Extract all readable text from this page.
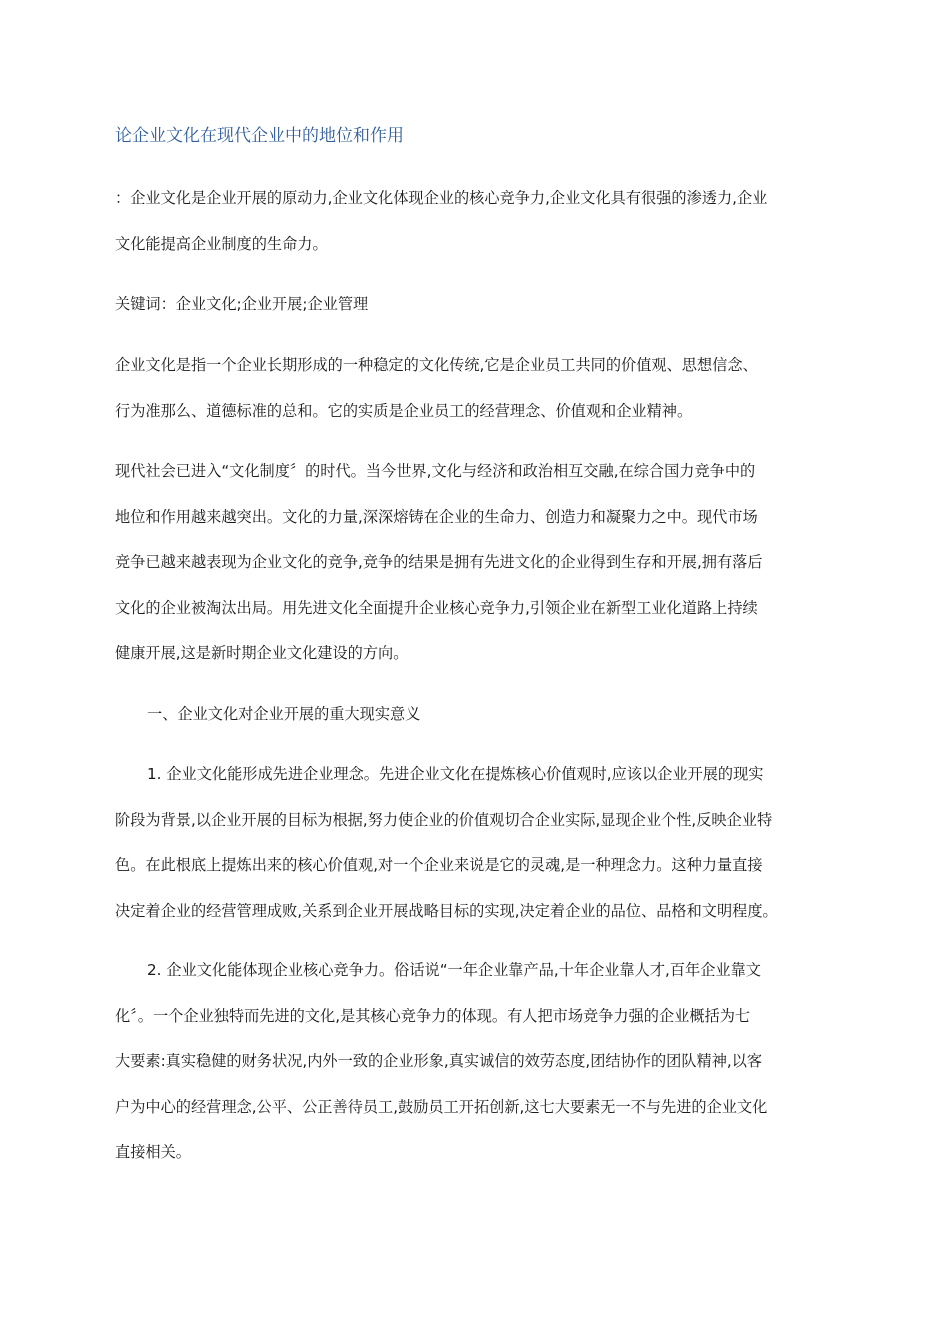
论企业文化在现代企业中的地位和作用

：企业文化是企业开展的原动力,企业文化体现企业的核心竞争力,企业文化具有很强的渗透力,企业
文化能提高企业制度的生命力。

关键词：企业文化;企业开展;企业管理

企业文化是指一个企业长期形成的一种稳定的文化传统,它是企业员工共同的价值观、思想信念、
行为准那么、道德标准的总和。它的实质是企业员工的经营理念、价值观和企业精神。

现代社会已进入“文化制度〞的时代。当今世界,文化与经济和政治相互交融,在综合国力竞争中的
地位和作用越来越突出。文化的力量,深深熔铸在企业的生命力、创造力和凝聚力之中。现代市场
竞争已越来越表现为企业文化的竞争,竞争的结果是拥有先进文化的企业得到生存和开展,拥有落后
文化的企业被淘汰出局。用先进文化全面提升企业核心竞争力,引领企业在新型工业化道路上持续
健康开展,这是新时期企业文化建设的方向。

一、企业文化对企业开展的重大现实意义

1. 企业文化能形成先进企业理念。先进企业文化在提炼核心价值观时,应该以企业开展的现实
阶段为背景,以企业开展的目标为根据,努力使企业的价值观切合企业实际,显现企业个性,反映企业特
色。在此根底上提炼出来的核心价值观,对一个企业来说是它的灵魂,是一种理念力。这种力量直接
决定着企业的经营管理成败,关系到企业开展战略目标的实现,决定着企业的品位、品格和文明程度。

2. 企业文化能体现企业核心竞争力。俗话说“一年企业靠产品,十年企业靠人才,百年企业靠文
化〞。一个企业独特而先进的文化,是其核心竞争力的体现。有人把市场竞争力强的企业概括为七
大要素:真实稳健的财务状况,内外一致的企业形象,真实诚信的效劳态度,团结协作的团队精神,以客
户为中心的经营理念,公平、公正善待员工,鼓励员工开拓创新,这七大要素无一不与先进的企业文化
直接相关。
